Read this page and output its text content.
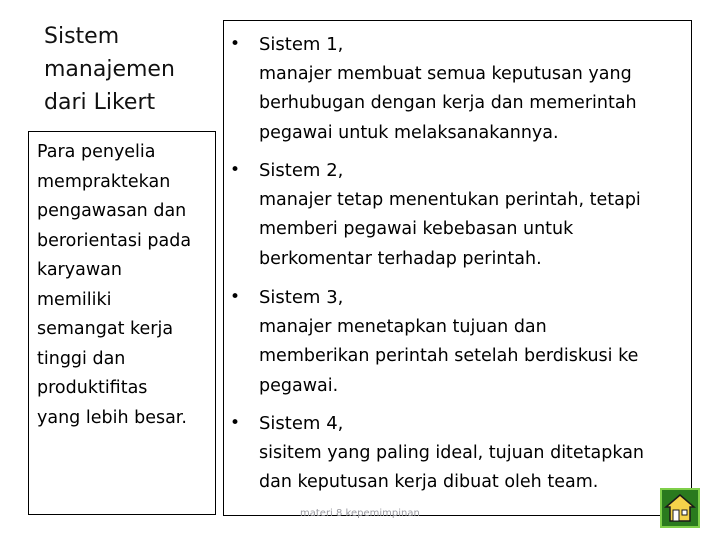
Sistem
manajemen
dari Likert
Para penyelia
mempraktekan
pengawasan dan
berorientasi pada
karyawan
memiliki
semangat kerja
tinggi dan
produktifitas
yang lebih besar.
• Sistem 1,
manajer membuat semua keputusan yang
berhubugan dengan kerja dan memerintah
pegawai untuk melaksanakannya.
• Sistem 2,
manajer tetap menentukan perintah, tetapi
memberi pegawai kebebasan untuk
berkomentar terhadap perintah.
• Sistem 3,
manajer menetapkan tujuan dan
memberikan perintah setelah berdiskusi ke
pegawai.
• Sistem 4,
sisitem yang paling ideal, tujuan ditetapkan
dan keputusan kerja dibuat oleh team.
materi 8 kepemimpinan
